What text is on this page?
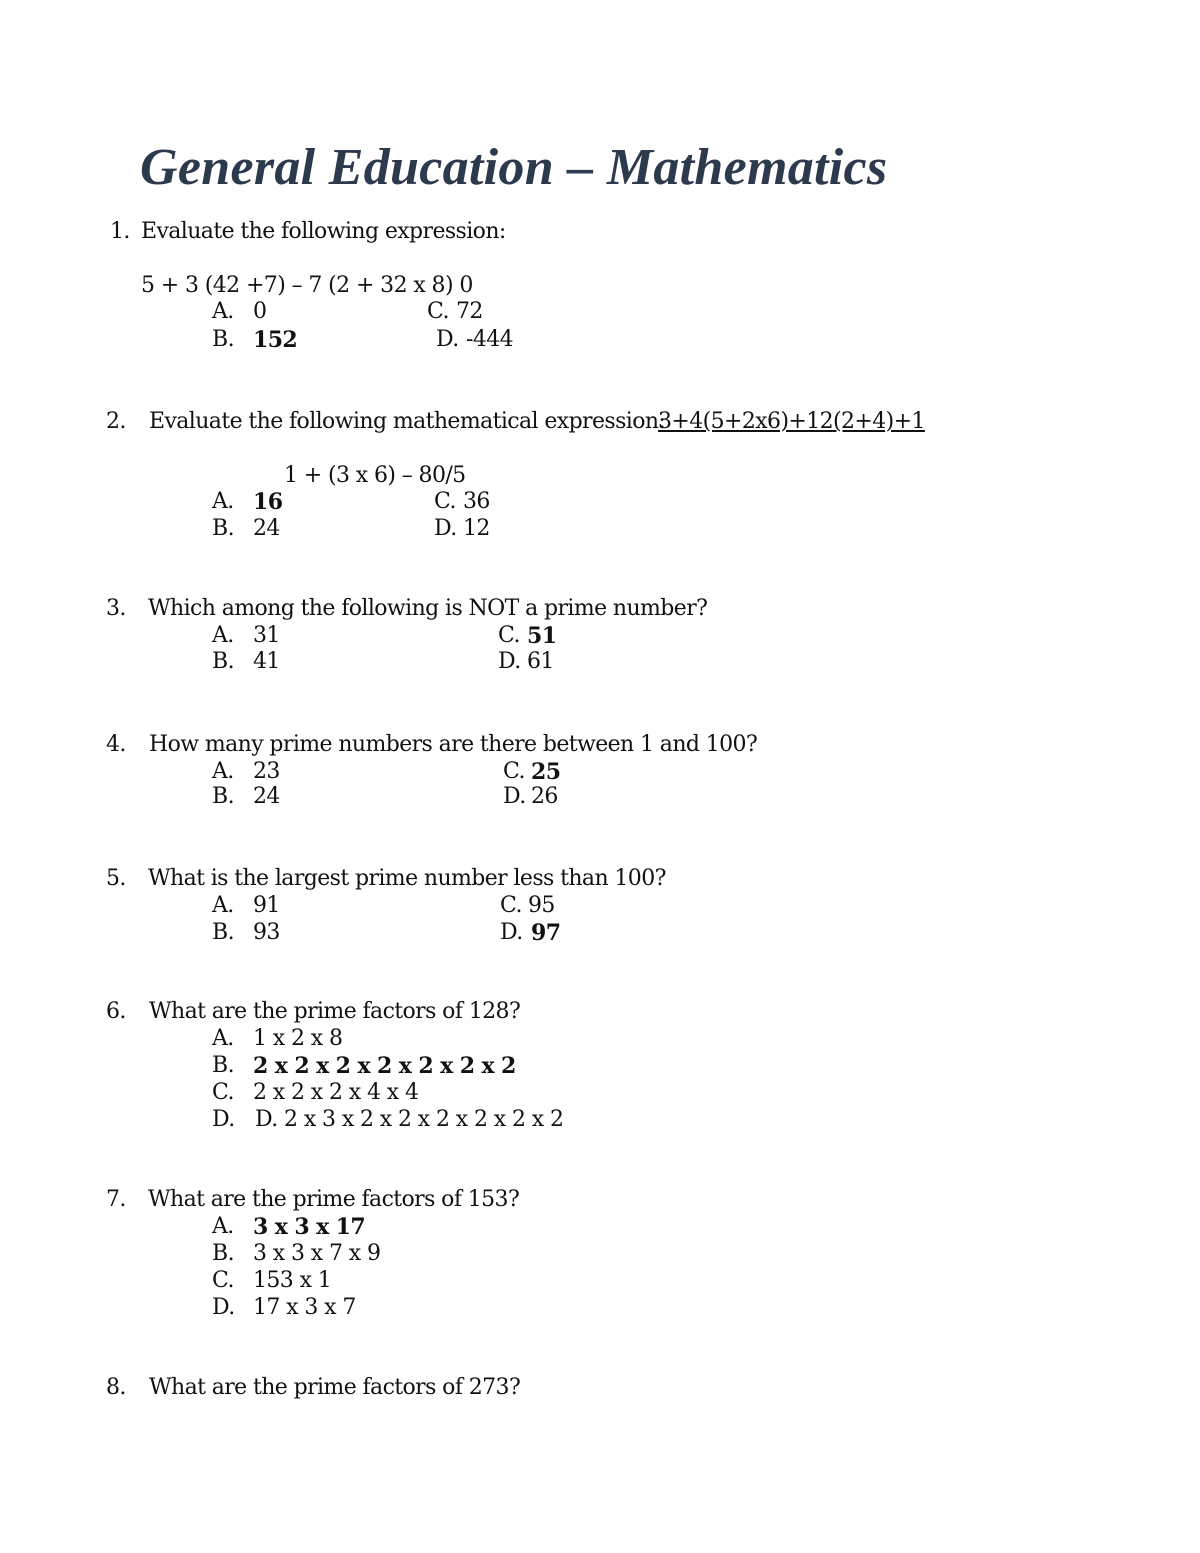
General Education – Mathematics
1. Evaluate the following expression:
5 + 3 (42 +7) – 7 (2 + 32 x 8) 0
A. 0	C. 72
B. 152	D. -444
2. Evaluate the following mathematical expression:
3+4(5+2x6)+12(2+4)+1
1 + (3 x 6) – 80/5
A. 16	C. 36
B. 24	D. 12
3. Which among the following is NOT a prime number?
A. 31	C. 51
B. 41	D. 61
4. How many prime numbers are there between 1 and 100?
A. 23	C. 25
B. 24	D. 26
5. What is the largest prime number less than 100?
A. 91	C. 95
B. 93	D. 97
6. What are the prime factors of 128?
A. 1 x 2 x 8
B. 2 x 2 x 2 x 2 x 2 x 2 x 2
C. 2 x 2 x 2 x 4 x 4
D. D. 2 x 3 x 2 x 2 x 2 x 2 x 2 x 2
7. What are the prime factors of 153?
A. 3 x 3 x 17
B. 3 x 3 x 7 x 9
C. 153 x 1
D. 17 x 3 x 7
8. What are the prime factors of 273?
